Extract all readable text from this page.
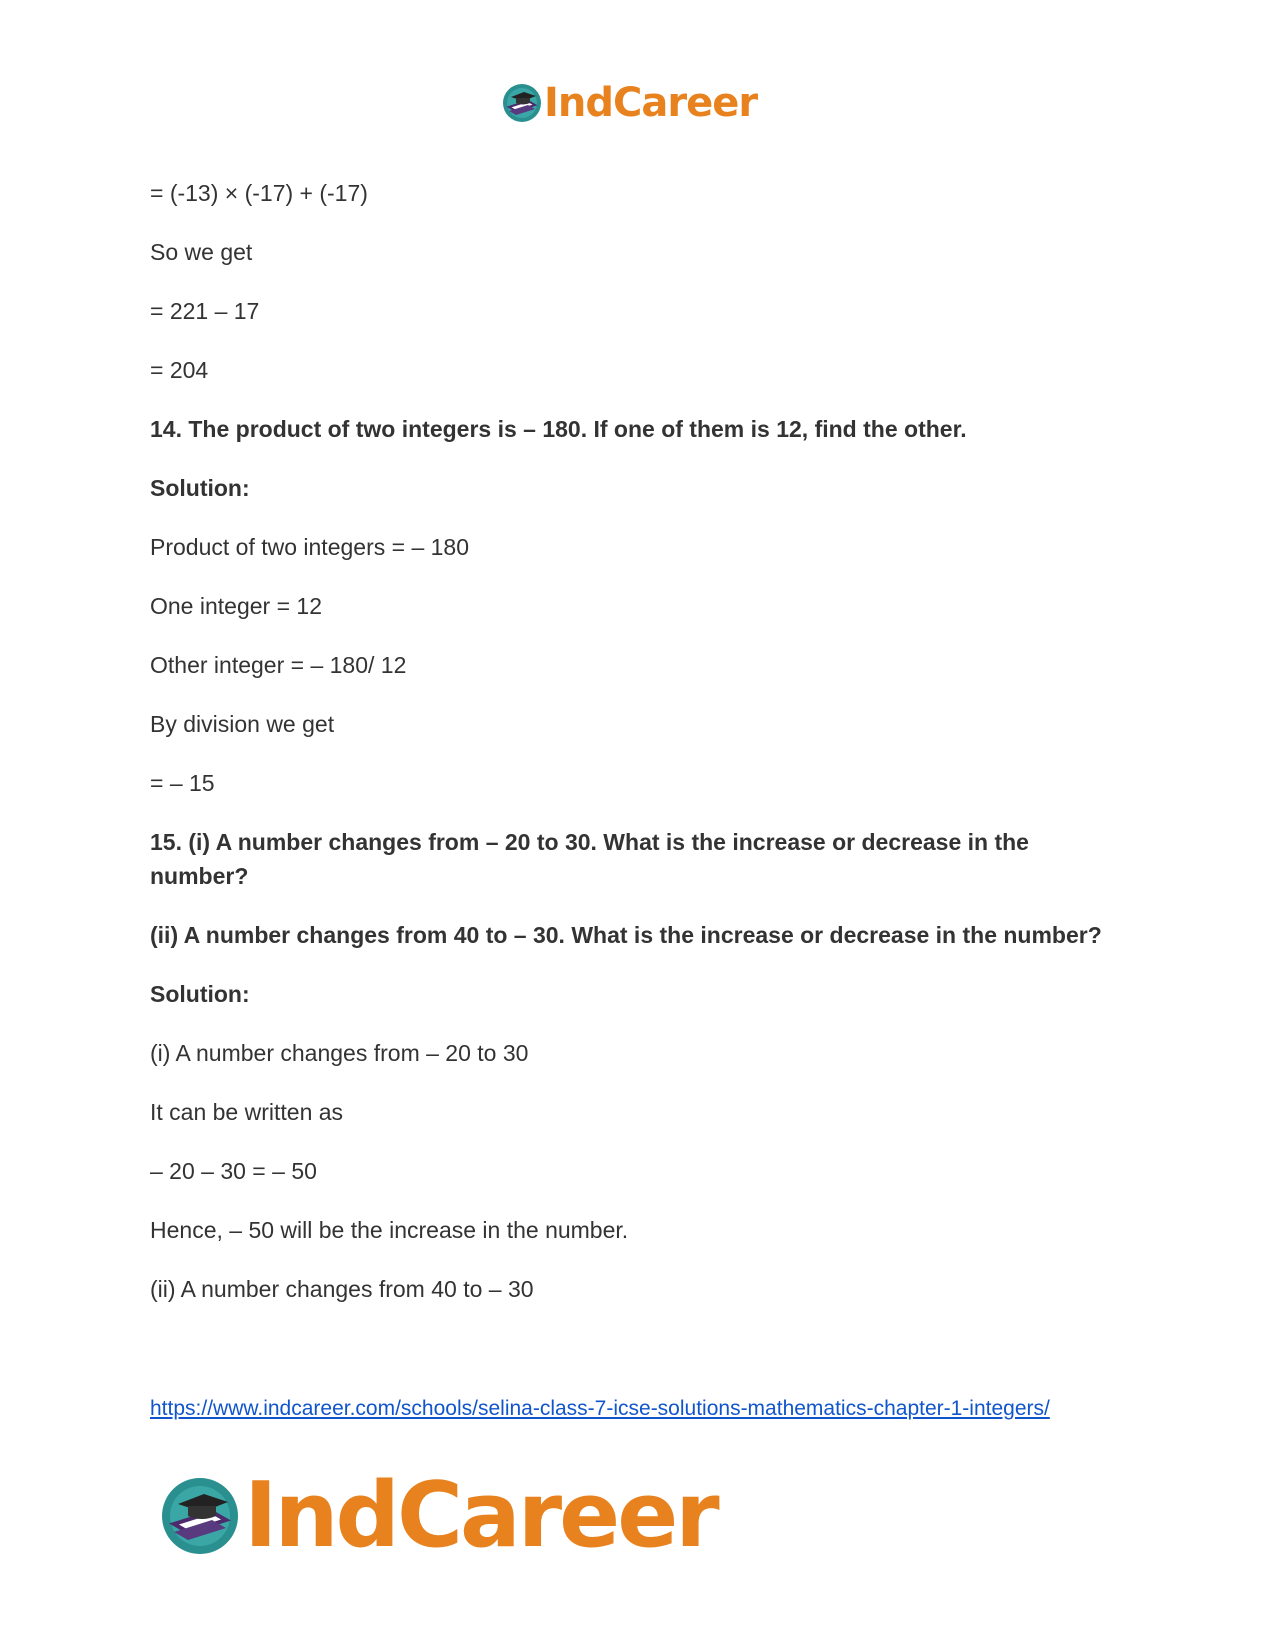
IndCareer

= (-13) × (-17) + (-17)

So we get

= 221 – 17

= 204

14. The product of two integers is – 180. If one of them is 12, find the other.

Solution:

Product of two integers = – 180

One integer = 12

Other integer = – 180/ 12

By division we get

= – 15

15. (i) A number changes from – 20 to 30. What is the increase or decrease in the number?

(ii) A number changes from 40 to – 30. What is the increase or decrease in the number?

Solution:

(i) A number changes from – 20 to 30

It can be written as

– 20 – 30 = – 50

Hence, – 50 will be the increase in the number.

(ii) A number changes from 40 to – 30

https://www.indcareer.com/schools/selina-class-7-icse-solutions-mathematics-chapter-1-integers/
IndCareer
